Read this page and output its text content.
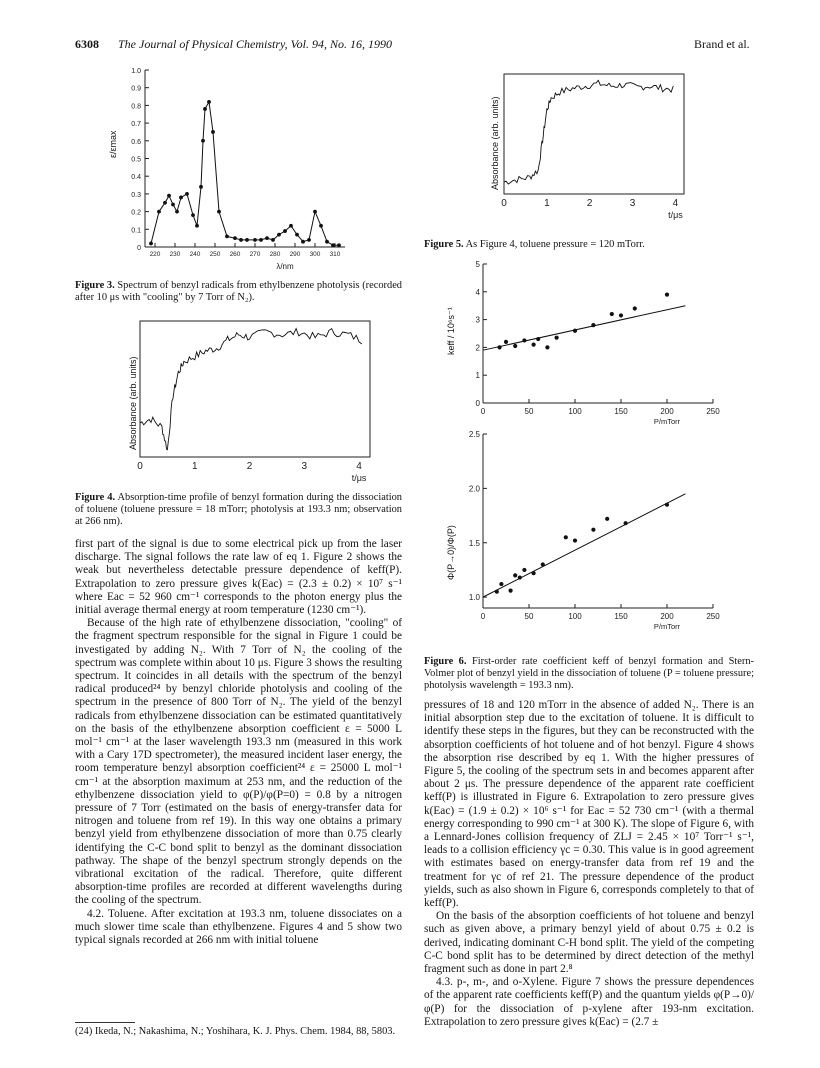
6308 The Journal of Physical Chemistry, Vol. 94, No. 16, 1990	Brand et al.
0
0.1
0.2
0.3
0.4
0.5
0.6
0.7
0.8
0.9
1.0
220 230 240 250 260 270 280 290 300 310
λ/nm
ε/εmax
Figure 3. Spectrum of benzyl radicals from ethylbenzene photolysis (recorded after 10 μs with "cooling" by 7 Torr of N₂).
0	1	2	3	4
t/μs
Absorbance (arb. units)
Figure 4. Absorption-time profile of benzyl formation during the dissociation of toluene (toluene pressure = 18 mTorr; photolysis at 193.3 nm; observation at 266 nm).

first part of the signal is due to some electrical pick up from the laser discharge. The signal follows the rate law of eq 1. Figure 2 shows the weak but nevertheless detectable pressure dependence of keff(P). Extrapolation to zero pressure gives k(Eac) = (2.3 ± 0.2) × 10⁷ s⁻¹ where Eac = 52 960 cm⁻¹ corresponds to the photon energy plus the initial average thermal energy at room temperature (1230 cm⁻¹).

Because of the high rate of ethylbenzene dissociation, "cooling" of the fragment spectrum responsible for the signal in Figure 1 could be investigated by adding N₂. With 7 Torr of N₂ the cooling of the spectrum was complete within about 10 μs. Figure 3 shows the resulting spectrum. It coincides in all details with the spectrum of the benzyl radical produced²⁴ by benzyl chloride photolysis and cooling of the spectrum in the presence of 800 Torr of N₂. The yield of the benzyl radicals from ethylbenzene dissociation can be estimated quantitatively on the basis of the ethylbenzene absorption coefficient ε = 5000 L mol⁻¹ cm⁻¹ at the laser wavelength 193.3 nm (measured in this work with a Cary 17D spectrometer), the measured incident laser energy, the room temperature benzyl absorption coefficient²⁴ ε = 25000 L mol⁻¹ cm⁻¹ at the absorption maximum at 253 nm, and the reduction of the ethylbenzene dissociation yield to φ(P)/φ(P=0) = 0.8 by a nitrogen pressure of 7 Torr (estimated on the basis of energy-transfer data for nitrogen and toluene from ref 19). In this way one obtains a primary benzyl yield from ethylbenzene dissociation of more than 0.75 clearly identifying the C-C bond split to benzyl as the dominant dissociation pathway. The shape of the benzyl spectrum strongly depends on the vibrational excitation of the radical. Therefore, quite different absorption-time profiles are recorded at different wavelengths during the cooling of the spectrum.

4.2. Toluene. After excitation at 193.3 nm, toluene dissociates on a much slower time scale than ethylbenzene. Figures 4 and 5 show two typical signals recorded at 266 nm with initial toluene

(24) Ikeda, N.; Nakashima, N.; Yoshihara, K. J. Phys. Chem. 1984, 88, 5803.
0	1	2	3	4
t/μs
Absorbance (arb. units)
Figure 5. As Figure 4, toluene pressure = 120 mTorr.
0
1
2
3
4
5
0	50	100	150	200	250
P/mTorr
keff / 10⁶s⁻¹
1.0
1.5
2.0
2.5
0	50	100	150	200	250
P/mTorr
Φ(P→0)/Φ(P)
Figure 6. First-order rate coefficient keff of benzyl formation and Stern-Volmer plot of benzyl yield in the dissociation of toluene (P = toluene pressure; photolysis wavelength = 193.3 nm).

pressures of 18 and 120 mTorr in the absence of added N₂. There is an initial absorption step due to the excitation of toluene. It is difficult to identify these steps in the figures, but they can be reconstructed with the absorption coefficients of hot toluene and of hot benzyl. Figure 4 shows the absorption rise described by eq 1. With the higher pressures of Figure 5, the cooling of the spectrum sets in and becomes apparent after about 2 μs. The pressure dependence of the apparent rate coefficient keff(P) is illustrated in Figure 6. Extrapolation to zero pressure gives k(Eac) = (1.9 ± 0.2) × 10⁶ s⁻¹ for Eac = 52 730 cm⁻¹ (with a thermal energy corresponding to 990 cm⁻¹ at 300 K). The slope of Figure 6, with a Lennard-Jones collision frequency of ZLJ = 2.45 × 10⁷ Torr⁻¹ s⁻¹, leads to a collision efficiency γc = 0.30. This value is in good agreement with estimates based on energy-transfer data from ref 19 and the treatment for γc of ref 21. The pressure dependence of the product yields, such as also shown in Figure 6, corresponds completely to that of keff(P).

On the basis of the absorption coefficients of hot toluene and benzyl such as given above, a primary benzyl yield of about 0.75 ± 0.2 is derived, indicating dominant C-H bond split. The yield of the competing C-C bond split has to be determined by direct detection of the methyl fragment such as done in part 2.⁸

4.3. p-, m-, and o-Xylene. Figure 7 shows the pressure dependences of the apparent rate coefficients keff(P) and the quantum yields φ(P→0)/φ(P) for the dissociation of p-xylene after 193-nm excitation. Extrapolation to zero pressure gives k(Eac) = (2.7 ±
